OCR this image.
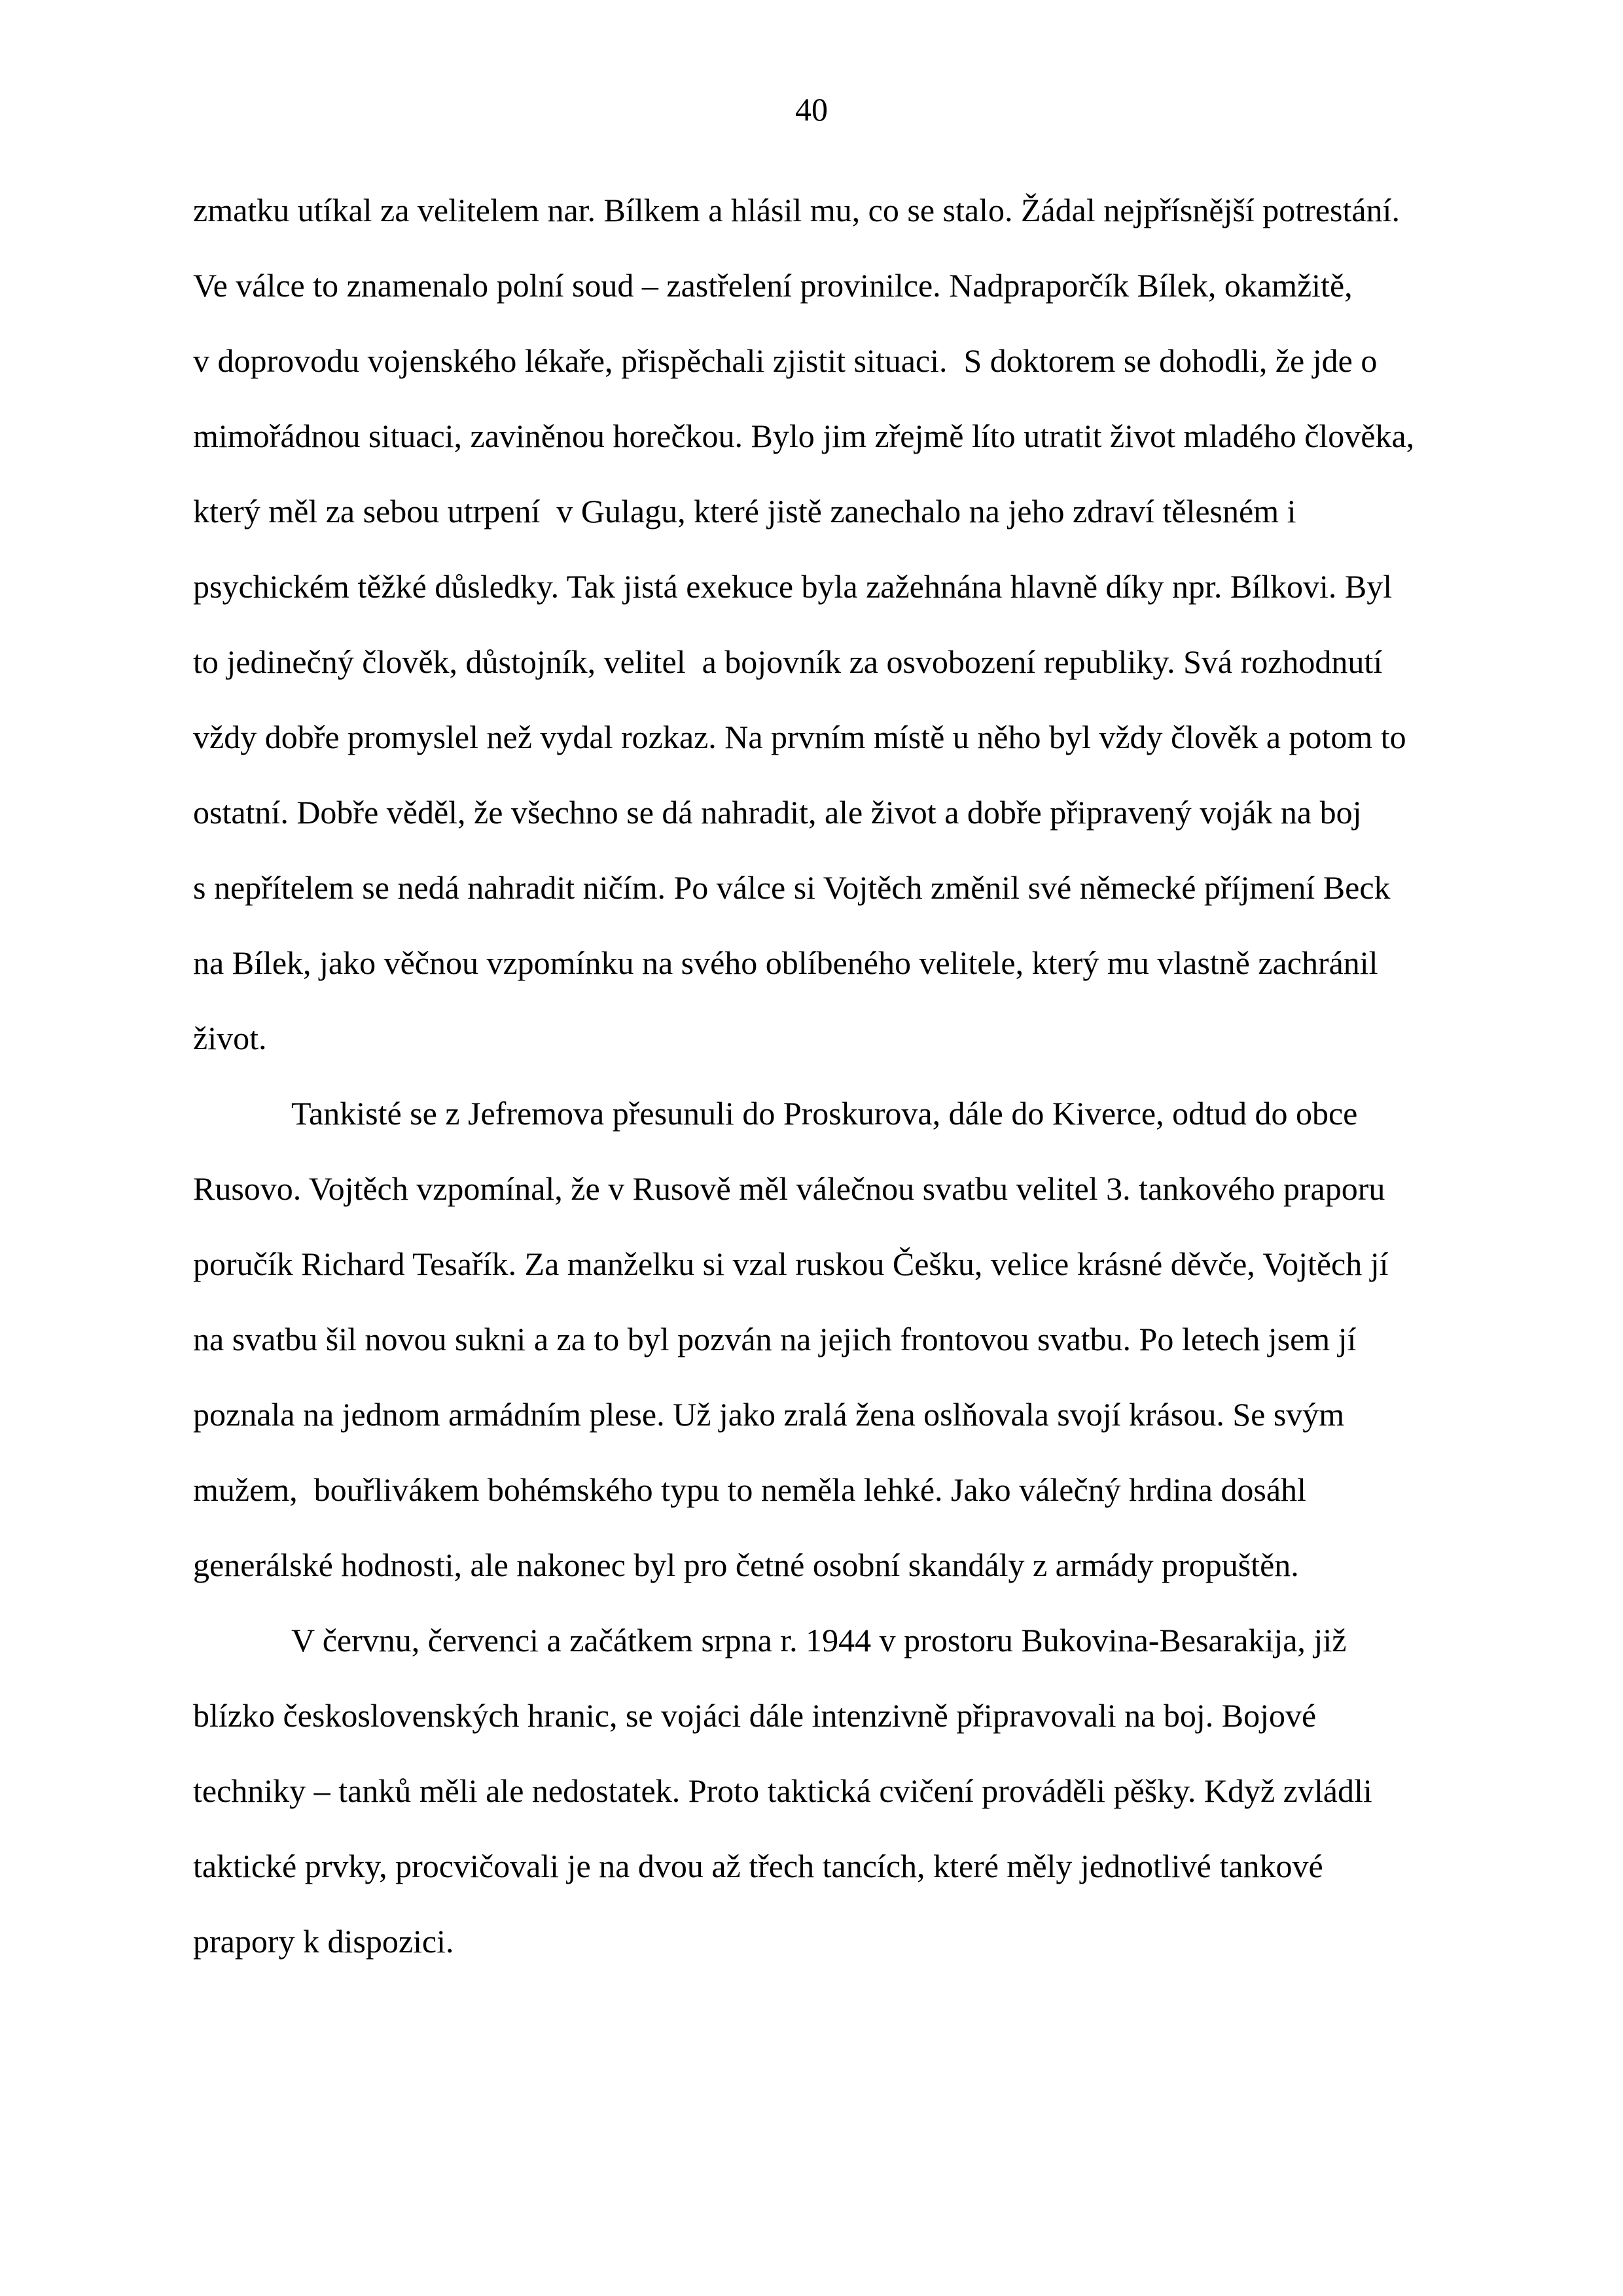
40
zmatku utíkal za velitelem nar. Bílkem a hlásil mu, co se stalo. Žádal nejpřísnější potrestání.
Ve válce to znamenalo polní soud – zastřelení provinilce. Nadpraporčík Bílek, okamžitě,
v doprovodu vojenského lékaře, přispěchali zjistit situaci.  S doktorem se dohodli, že jde o
mimořádnou situaci, zaviněnou horečkou. Bylo jim zřejmě líto utratit život mladého člověka,
který měl za sebou utrpení  v Gulagu, které jistě zanechalo na jeho zdraví tělesném i
psychickém těžké důsledky. Tak jistá exekuce byla zažehnána hlavně díky npr. Bílkovi. Byl
to jedinečný člověk, důstojník, velitel  a bojovník za osvobození republiky. Svá rozhodnutí
vždy dobře promyslel než vydal rozkaz. Na prvním místě u něho byl vždy člověk a potom to
ostatní. Dobře věděl, že všechno se dá nahradit, ale život a dobře připravený voják na boj
s nepřítelem se nedá nahradit ničím. Po válce si Vojtěch změnil své německé příjmení Beck
na Bílek, jako věčnou vzpomínku na svého oblíbeného velitele, který mu vlastně zachránil
život.
Tankisté se z Jefremova přesunuli do Proskurova, dále do Kiverce, odtud do obce
Rusovo. Vojtěch vzpomínal, že v Rusově měl válečnou svatbu velitel 3. tankového praporu
poručík Richard Tesařík. Za manželku si vzal ruskou Češku, velice krásné děvče, Vojtěch jí
na svatbu šil novou sukni a za to byl pozván na jejich frontovou svatbu. Po letech jsem jí
poznala na jednom armádním plese. Už jako zralá žena oslňovala svojí krásou. Se svým
mužem,  bouřlivákem bohémského typu to neměla lehké. Jako válečný hrdina dosáhl
generálské hodnosti, ale nakonec byl pro četné osobní skandály z armády propuštěn.
V červnu, červenci a začátkem srpna r. 1944 v prostoru Bukovina-Besarakija, již
blízko československých hranic, se vojáci dále intenzivně připravovali na boj. Bojové
techniky – tanků měli ale nedostatek. Proto taktická cvičení prováděli pěšky. Když zvládli
taktické prvky, procvičovali je na dvou až třech tancích, které měly jednotlivé tankové
prapory k dispozici.
